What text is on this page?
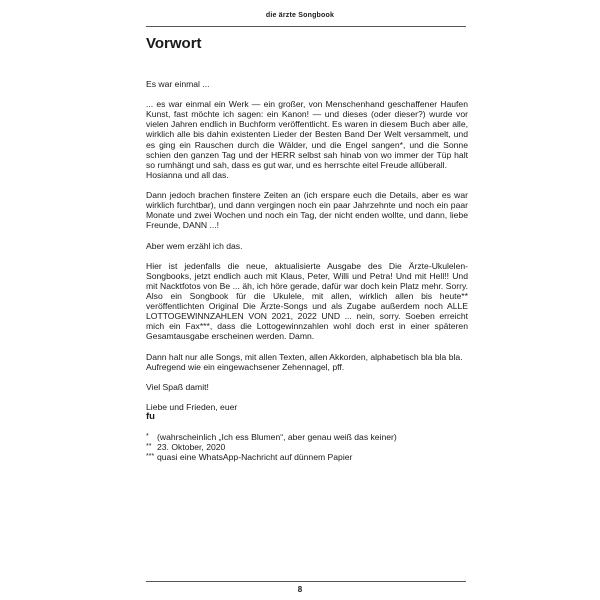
die ärzte Songbook
Vorwort

Es war einmal ...

... es war einmal ein Werk — ein großer, von Menschenhand geschaffener Haufen Kunst, fast möchte ich sagen: ein Kanon! — und dieses (oder dieser?) wurde vor vielen Jahren endlich in Buchform veröffentlicht. Es waren in diesem Buch aber alle, wirklich alle bis dahin existenten Lieder der Besten Band Der Welt versammelt, und es ging ein Rauschen durch die Wälder, und die Engel sangen*, und die Sonne schien den ganzen Tag und der HERR selbst sah hinab von wo immer der Tüp halt so rumhängt und sah, dass es gut war, und es herrschte eitel Freude allüberall.

Hosianna und all das.

Dann jedoch brachen finstere Zeiten an (ich erspare euch die Details, aber es war wirklich furchtbar), und dann vergingen noch ein paar Jahrzehnte und noch ein paar Monate und zwei Wochen und noch ein Tag, der nicht enden wollte, und dann, liebe Freunde, DANN ...!

Aber wem erzähl ich das.

Hier ist jedenfalls die neue, aktualisierte Ausgabe des Die Ärzte-Ukulelen-Songbooks, jetzt endlich auch mit Klaus, Peter, Willi und Petra! Und mit Hell!! Und mit Nacktfotos von Be ... äh, ich höre gerade, dafür war doch kein Platz mehr. Sorry. Also ein Songbook für die Ukulele, mit allen, wirklich allen bis heute** veröffentlichten Original Die Ärzte-Songs und als Zugabe außerdem noch ALLE LOTTOGEWINNZAHLEN VON 2021, 2022 UND ... nein, sorry. Soeben erreicht mich ein Fax***, dass die Lottogewinnzahlen wohl doch erst in einer späteren Gesamtausgabe erscheinen werden. Damn.

Dann halt nur alle Songs, mit allen Texten, allen Akkorden, alphabetisch bla bla bla. Aufregend wie ein eingewachsener Zehennagel, pff.

Viel Spaß damit!

Liebe und Frieden, euer

fu
* (wahrscheinlich „Ich ess Blumen“, aber genau weiß das keiner)
** 23. Oktober, 2020
*** quasi eine WhatsApp-Nachricht auf dünnem Papier
8
